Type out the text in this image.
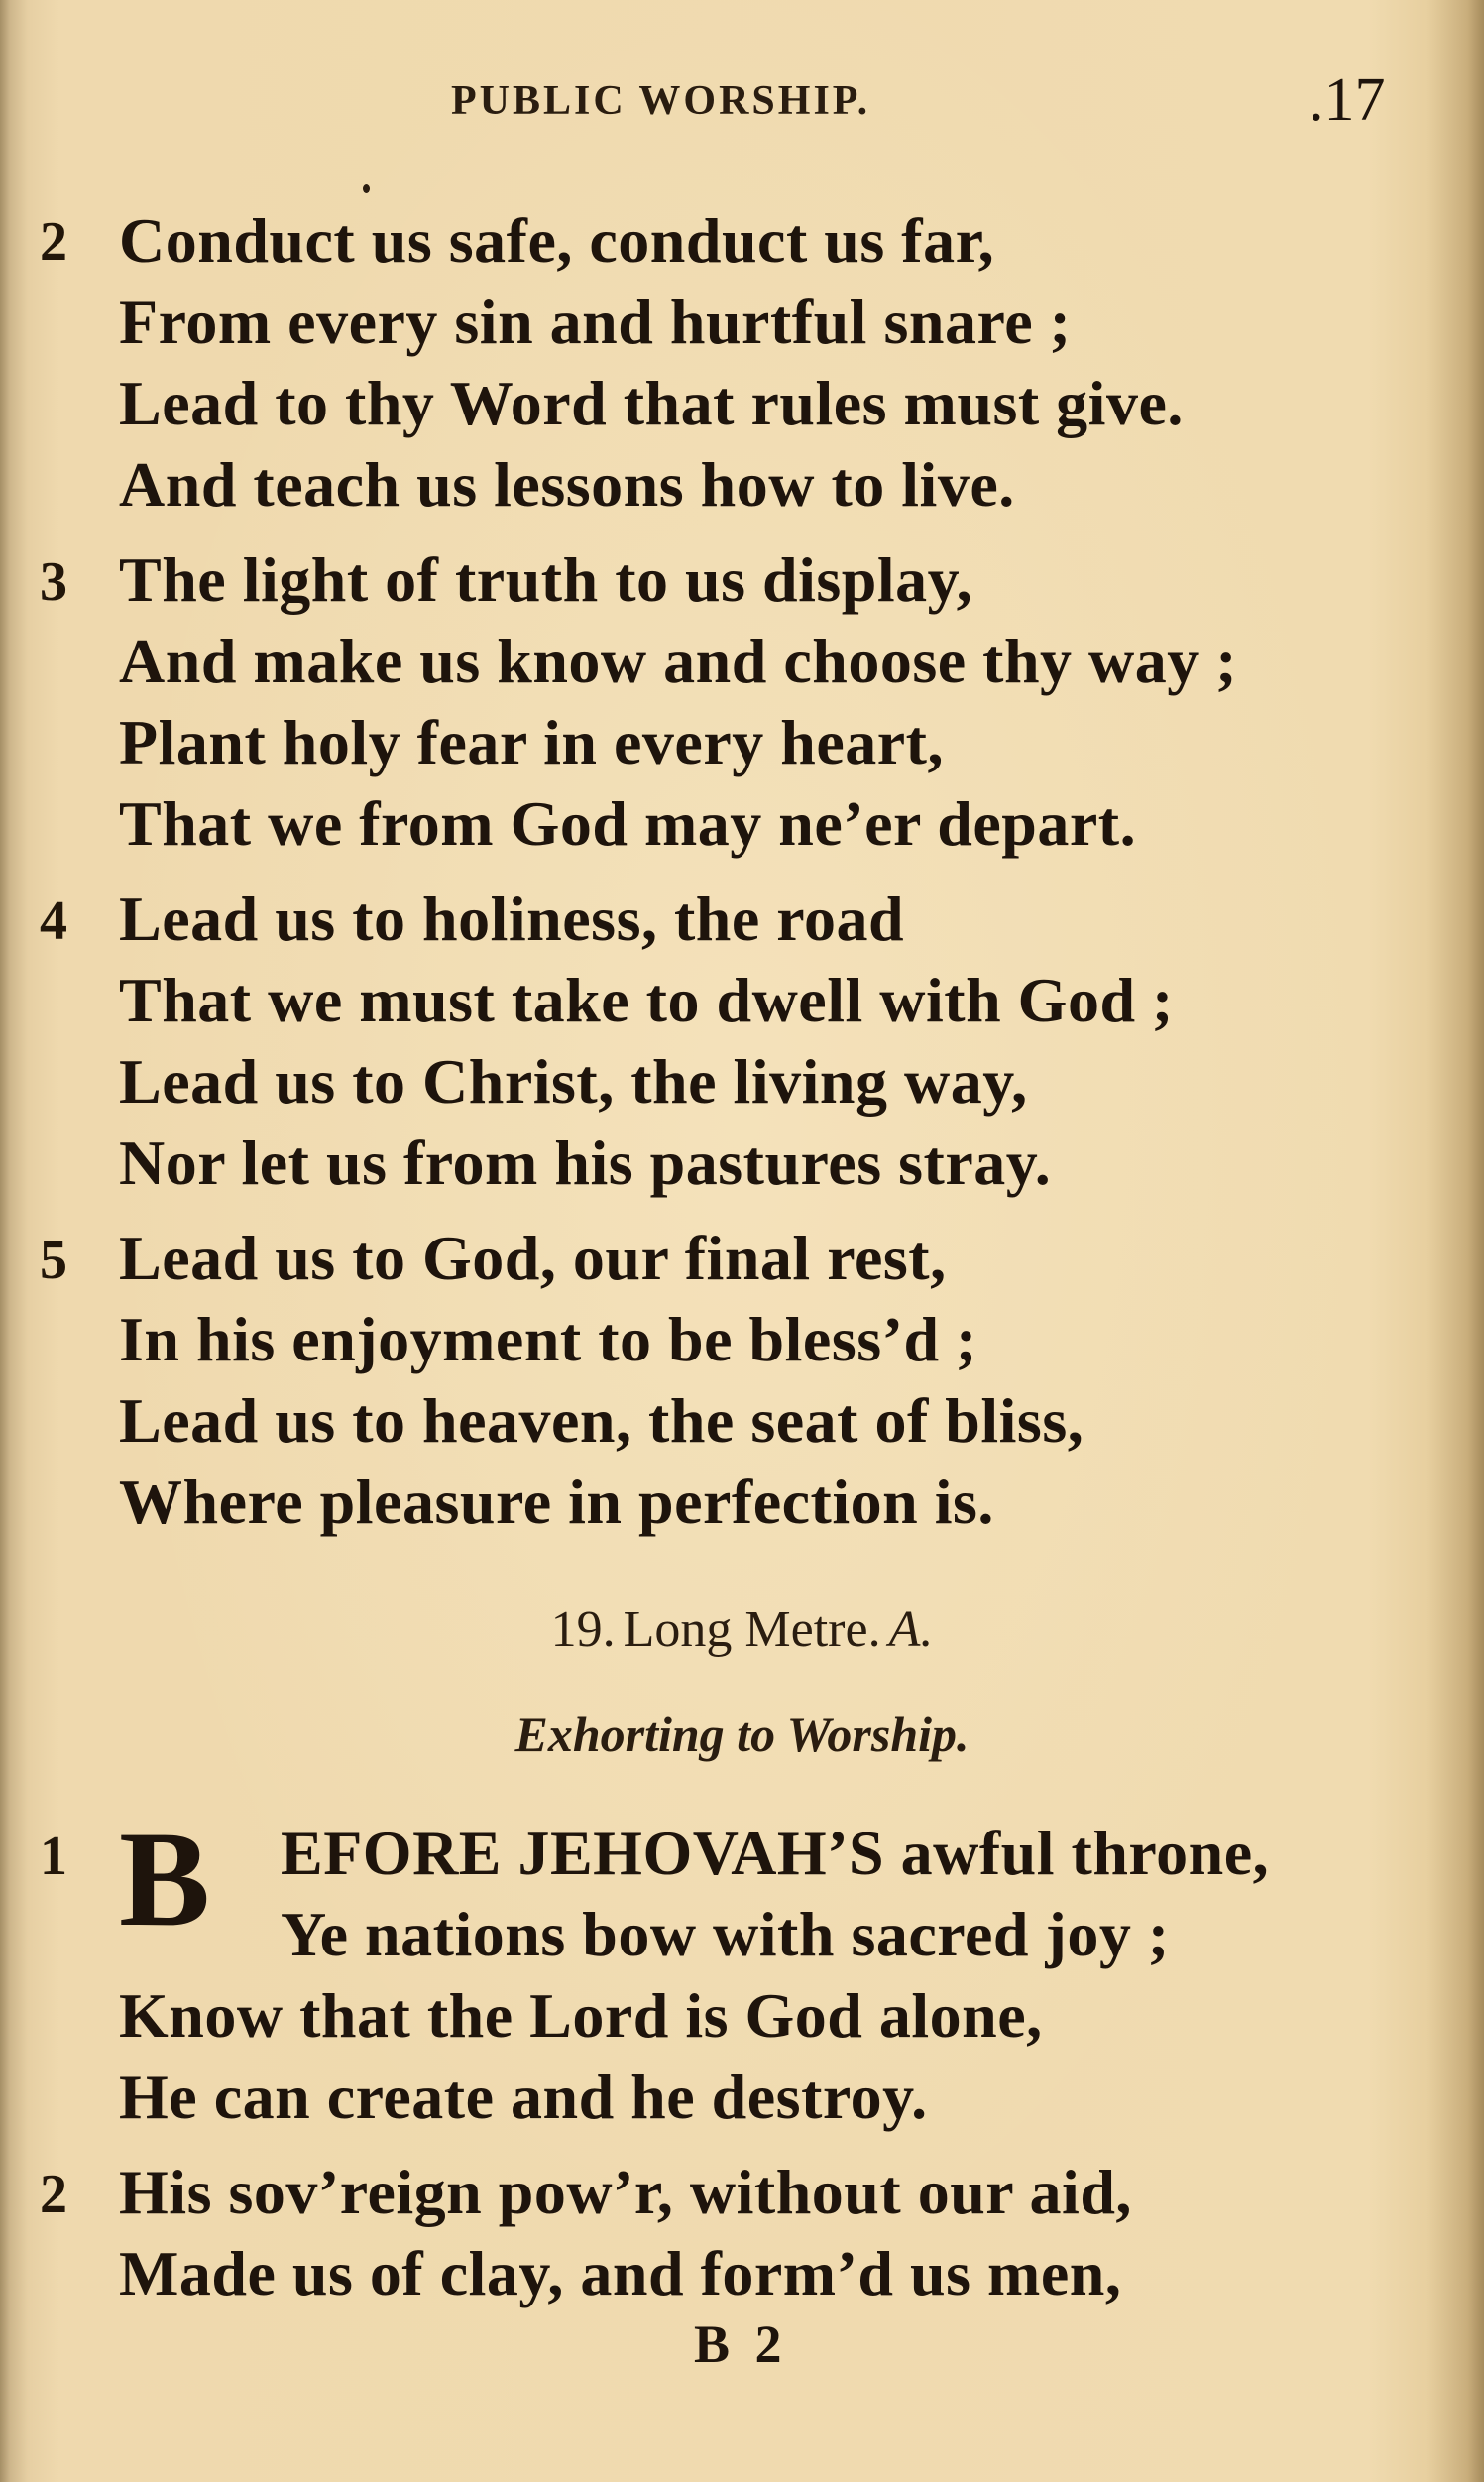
PUBLIC WORSHIP.	.17
2 Conduct us safe, conduct us far,
From every sin and hurtful snare ;
Lead to thy Word that rules must give.
And teach us lessons how to live.
3 The light of truth to us display,
And make us know and choose thy way ;
Plant holy fear in every heart,
That we from God may ne’er depart.
4 Lead us to holiness, the road
That we must take to dwell with God ;
Lead us to Christ, the living way,
Nor let us from his pastures stray.
5 Lead us to God, our final rest,
In his enjoyment to be bless’d ;
Lead us to heaven, the seat of bliss,
Where pleasure in perfection is.
19. Long Metre. A.
Exhorting to Worship.
1 B EFORE JEHOVAH’S awful throne,
Ye nations bow with sacred joy ;
Know that the Lord is God alone,
He can create and he destroy.
2 His sov’reign pow’r, without our aid,
Made us of clay, and form’d us men,
B 2
